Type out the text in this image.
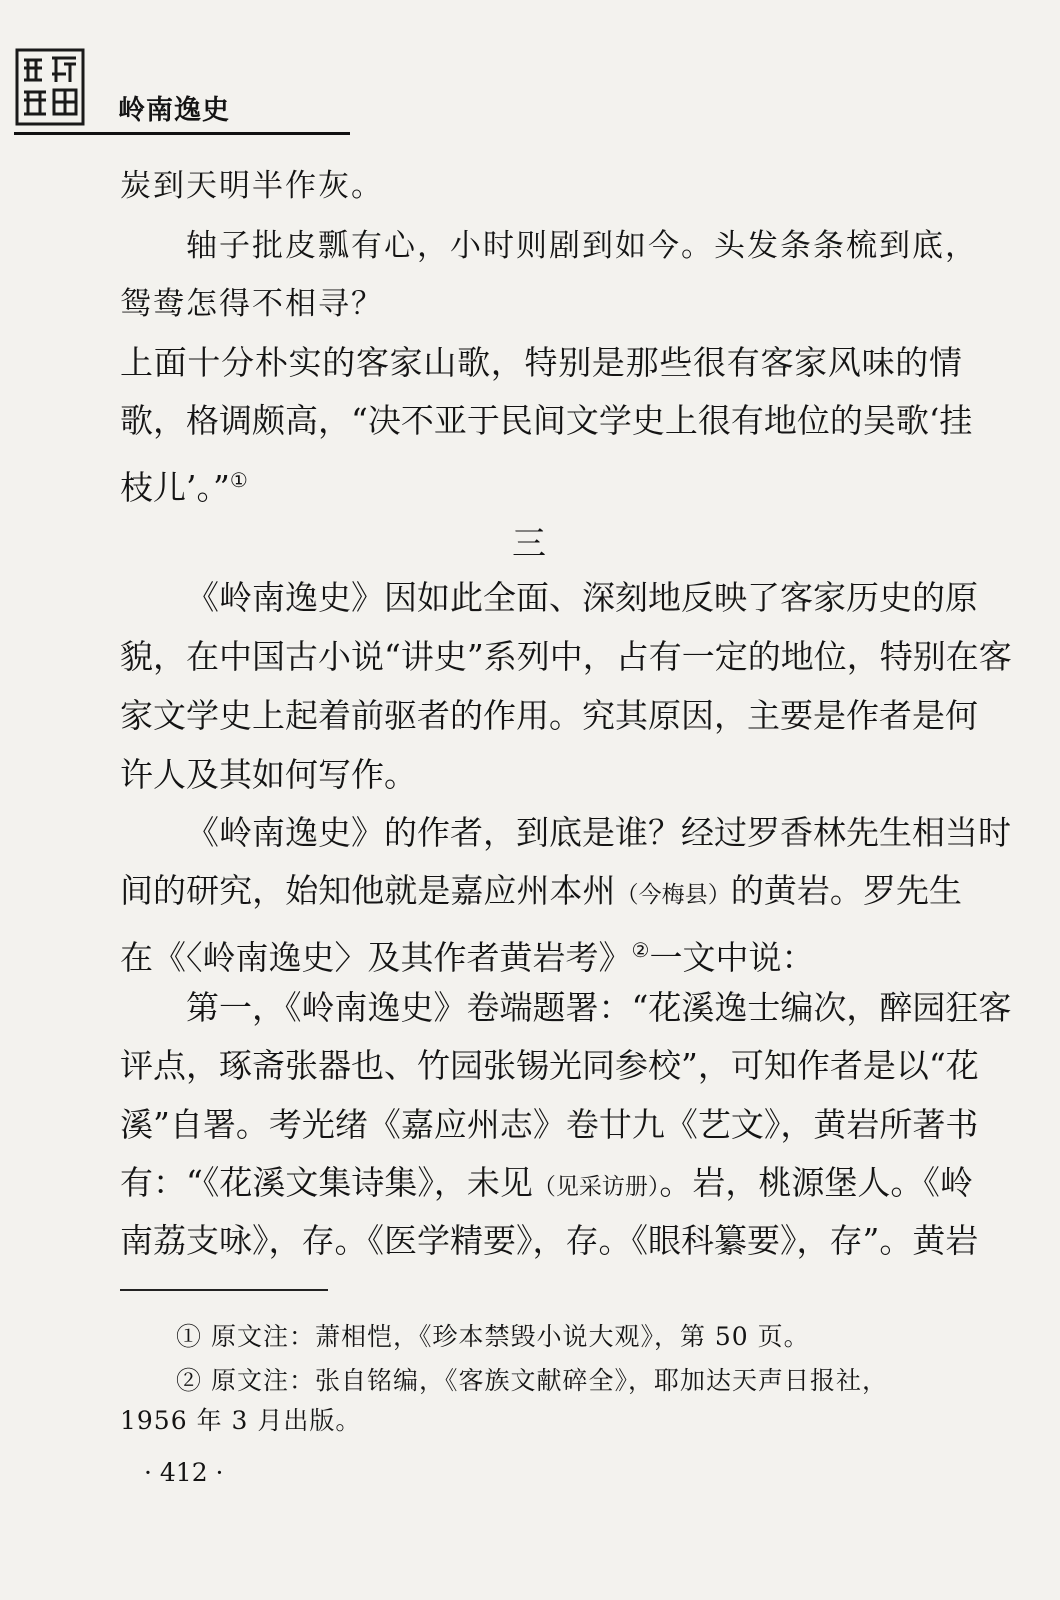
岭南逸史
炭到天明半作灰。
轴子批皮瓢有心，小时则剧到如今。头发条条梳到底，
鸳鸯怎得不相寻？
上面十分朴实的客家山歌，特别是那些很有客家风味的情
歌，格调颇高，“决不亚于民间文学史上很有地位的吴歌‘挂
枝儿’。”①
三
《岭南逸史》因如此全面、深刻地反映了客家历史的原
貌，在中国古小说“讲史”系列中，占有一定的地位，特别在客
家文学史上起着前驱者的作用。究其原因，主要是作者是何
许人及其如何写作。
《岭南逸史》的作者，到底是谁？经过罗香林先生相当时
间的研究，始知他就是嘉应州本州（今梅县）的黄岩。罗先生
在《〈岭南逸史〉及其作者黄岩考》②一文中说：
第一，《岭南逸史》卷端题署：“花溪逸士编次，醉园狂客
评点，琢斋张器也、竹园张锡光同参校”，可知作者是以“花
溪”自署。考光绪《嘉应州志》卷廿九《艺文》，黄岩所著书
有：“《花溪文集诗集》，未见（见采访册）。岩，桃源堡人。《岭
南荔支咏》，存。《医学精要》，存。《眼科纂要》，存”。黄岩
① 原文注：萧相恺，《珍本禁毁小说大观》，第 50 页。
② 原文注：张自铭编，《客族文献碎全》，耶加达天声日报社，
1956 年 3 月出版。
· 412 ·
